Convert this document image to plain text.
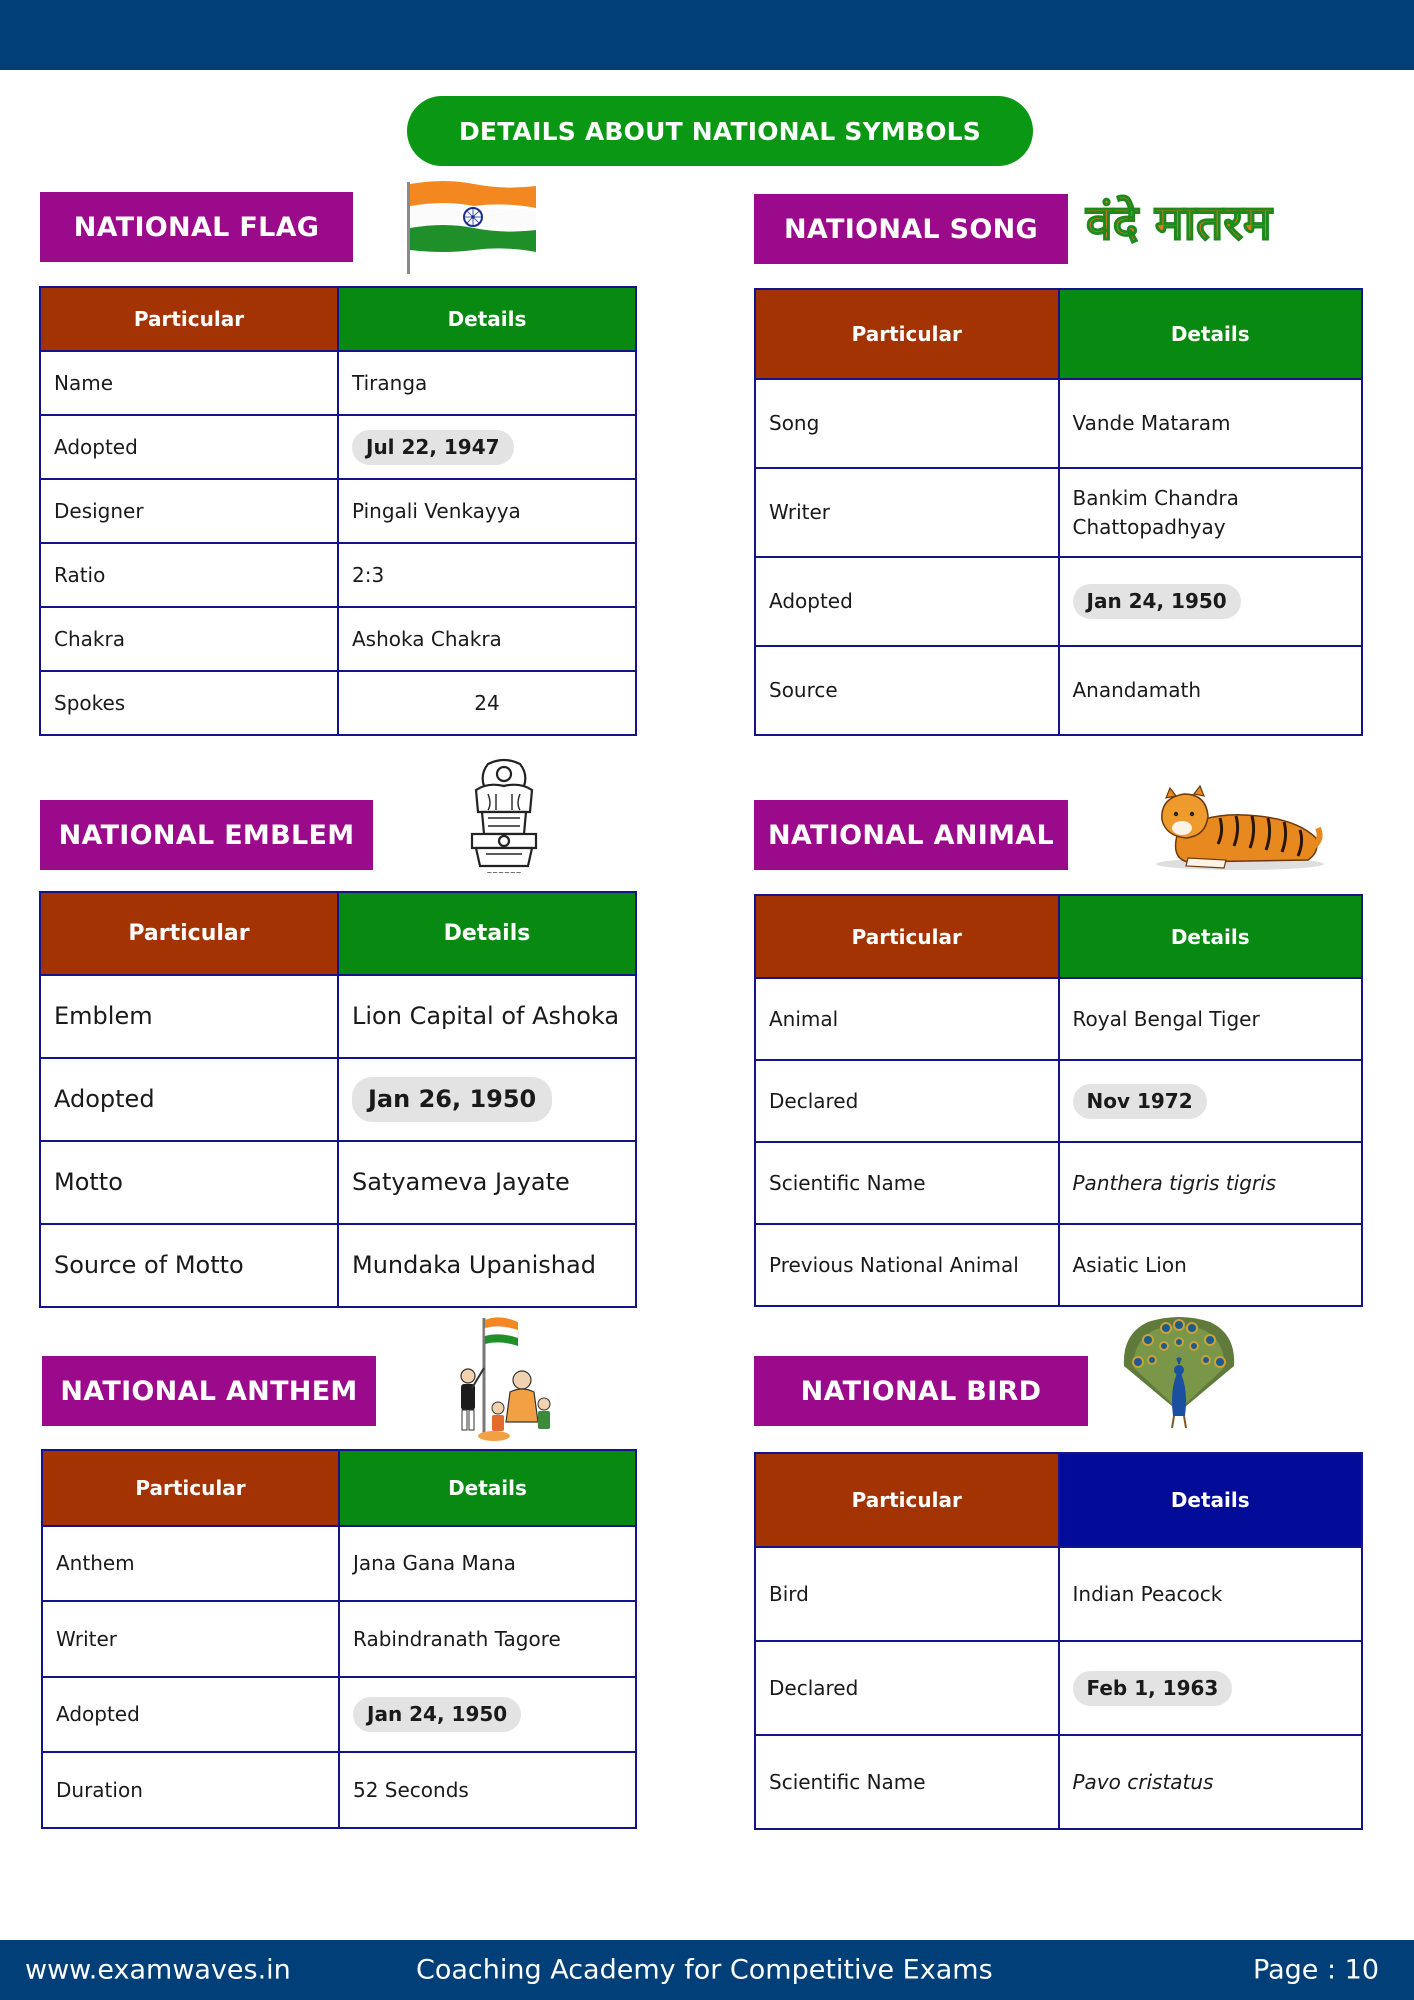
DETAILS ABOUT NATIONAL SYMBOLS
NATIONAL FLAG
Particular	Details
Name	Tiranga
Adopted	Jul 22, 1947
Designer	Pingali Venkayya
Ratio	2:3
Chakra	Ashoka Chakra
Spokes	24
NATIONAL SONG	वंदे मातरम
Particular	Details
Song	Vande Mataram
Writer	Bankim Chandra Chattopadhyay
Adopted	Jan 24, 1950
Source	Anandamath
NATIONAL EMBLEM
~~~~~~
Particular	Details
Emblem	Lion Capital of Ashoka
Adopted	Jan 26, 1950
Motto	Satyameva Jayate
Source of Motto	Mundaka Upanishad
NATIONAL ANIMAL
Particular	Details
Animal	Royal Bengal Tiger
Declared	Nov 1972
Scientific Name	Panthera tigris tigris
Previous National Animal	Asiatic Lion
NATIONAL ANTHEM
Particular	Details
Anthem	Jana Gana Mana
Writer	Rabindranath Tagore
Adopted	Jan 24, 1950
Duration	52 Seconds
NATIONAL BIRD
Particular	Details
Bird	Indian Peacock
Declared	Feb 1, 1963
Scientific Name	Pavo cristatus
www.examwaves.in	Coaching Academy for Competitive Exams	Page : 10
